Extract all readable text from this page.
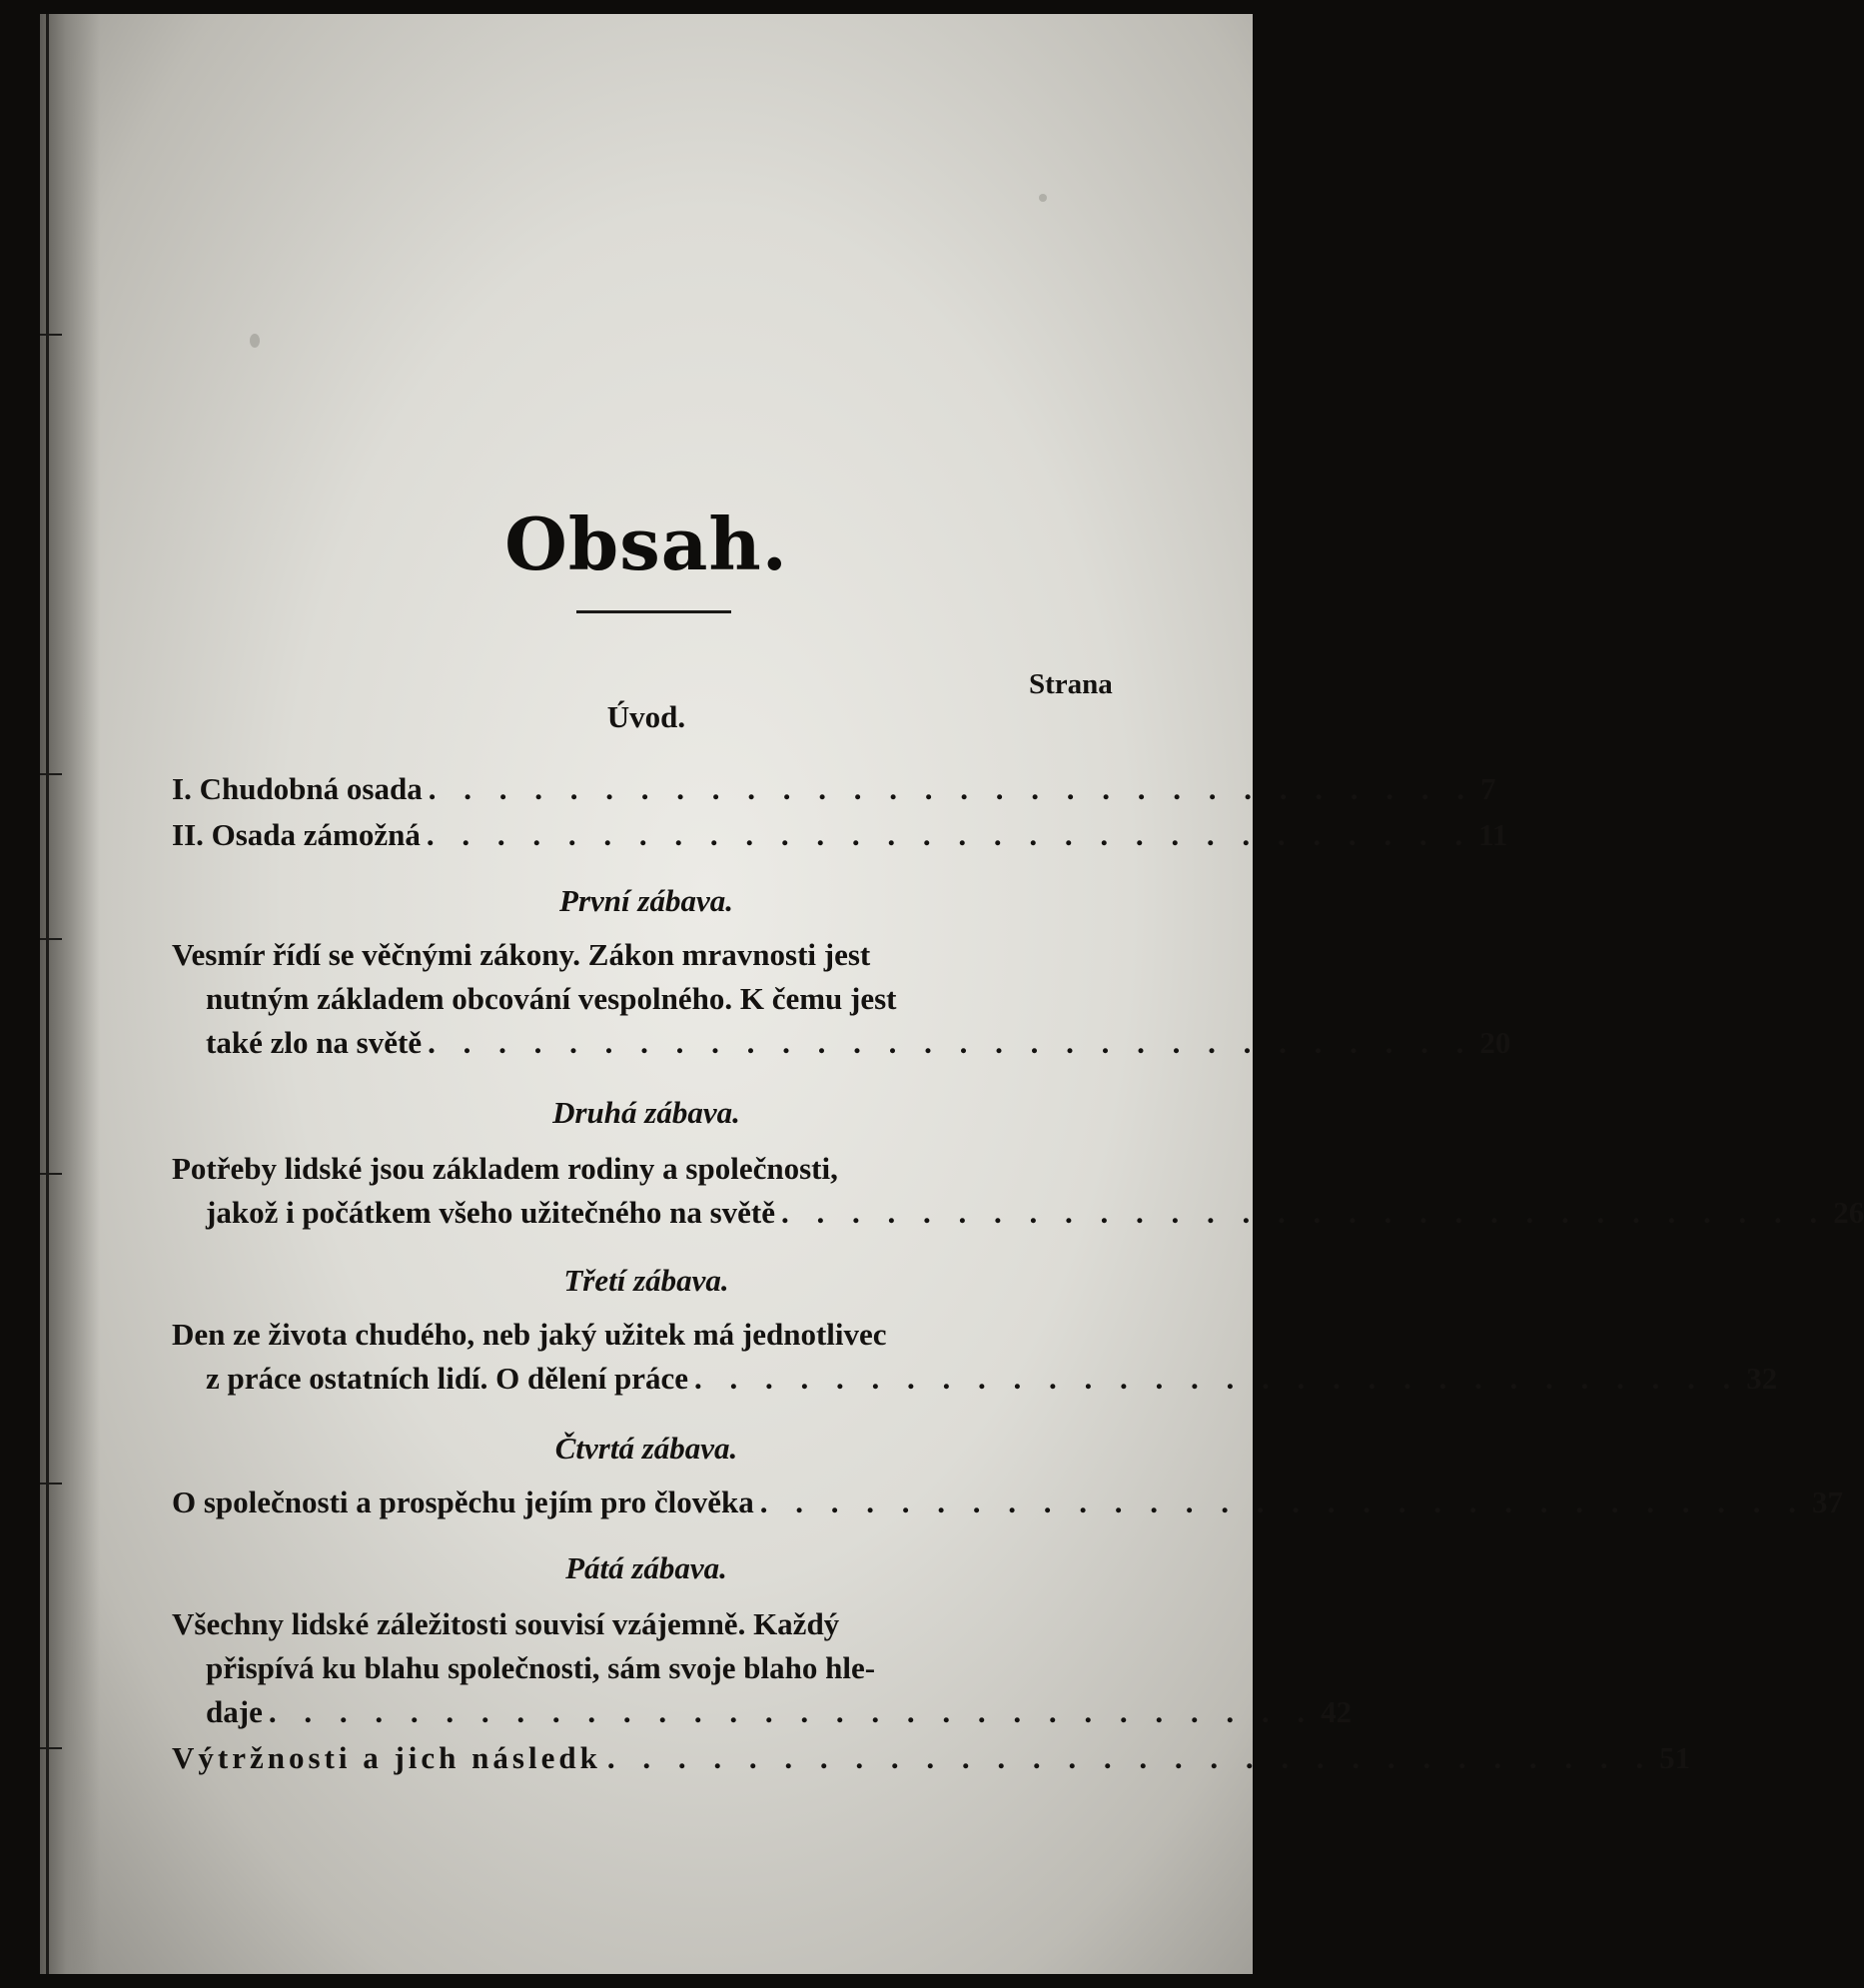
Obsah.
Strana
Úvod.
I. Chudobná osada . . . . . . . . . . . . . . . . . . . . . . . . . . . . . . 7
II. Osada zámožná . . . . . . . . . . . . . . . . . . . . . . . . . . . . . . 11
První zábava.
Vesmír řídí se věčnými zákony. Zákon mravnosti jest
nutným základem obcování vespolného. K čemu jest
také zlo na světě . . . . . . . . . . . . . . . . . . . . . . . . . . . . . . 20
Druhá zábava.
Potřeby lidské jsou základem rodiny a společnosti,
jakož i počátkem všeho užitečného na světě . . . . . . . . . . . . . . . . . . . . . . . . . . . . . . 26
Třetí zábava.
Den ze života chudého, neb jaký užitek má jednotlivec
z práce ostatních lidí. O dělení práce . . . . . . . . . . . . . . . . . . . . . . . . . . . . . . 32
Čtvrtá zábava.
O společnosti a prospěchu jejím pro člověka . . . . . . . . . . . . . . . . . . . . . . . . . . . . . . 37
Pátá zábava.
Všechny lidské záležitosti souvisí vzájemně. Každý
přispívá ku blahu společnosti, sám svoje blaho hle-
daje . . . . . . . . . . . . . . . . . . . . . . . . . . . . . . 42
Výtržnosti a jich následk . . . . . . . . . . . . . . . . . . . . . . . . . . . . . . 51
